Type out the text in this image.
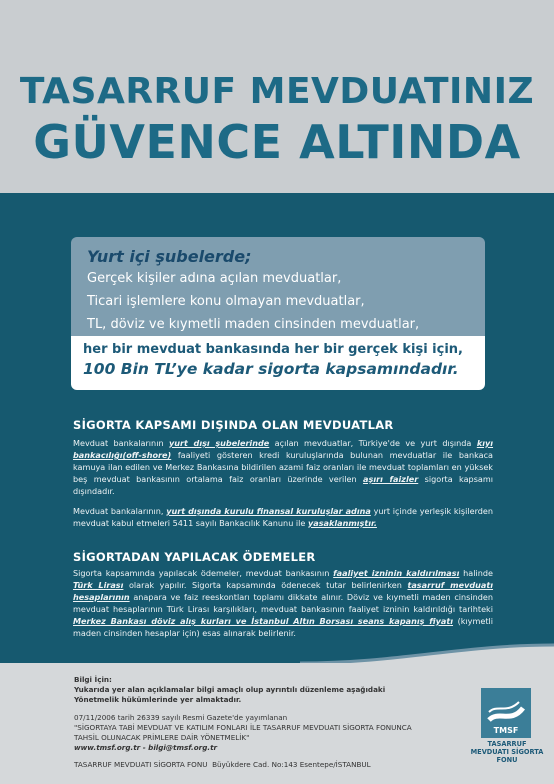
TASARRUF MEVDUATINIZ
GÜVENCE ALTINDA
Yurt içi şubelerde;
Gerçek kişiler adına açılan mevduatlar,
Ticari işlemlere konu olmayan mevduatlar,
TL, döviz ve kıymetli maden cinsinden mevduatlar,
her bir mevduat bankasında her bir gerçek kişi için,
100 Bin TL’ye kadar sigorta kapsamındadır.
SİGORTA KAPSAMI DIŞINDA OLAN MEVDUATLAR

Mevduat bankalarının yurt dışı şubelerinde açılan mevduatlar, Türkiye'de ve yurt dışında kıyı bankacılığı(off-shore) faaliyeti gösteren kredi kuruluşlarında bulunan mevduatlar ile bankaca kamuya ilan edilen ve Merkez Bankasına bildirilen azami faiz oranları ile mevduat toplamları en yüksek beş mevduat bankasının ortalama faiz oranları üzerinde verilen aşırı faizler sigorta kapsamı dışındadır.

Mevduat bankalarının, yurt dışında kurulu finansal kuruluşlar adına yurt içinde yerleşik kişilerden mevduat kabul etmeleri 5411 sayılı Bankacılık Kanunu ile yasaklanmıştır.

SİGORTADAN YAPILACAK ÖDEMELER

Sigorta kapsamında yapılacak ödemeler, mevduat bankasının faaliyet izninin kaldırılması halinde Türk Lirası olarak yapılır. Sigorta kapsamında ödenecek tutar belirlenirken tasarruf mevduatı hesaplarının anapara ve faiz reeskontları toplamı dikkate alınır. Döviz ve kıymetli maden cinsinden mevduat hesaplarının Türk Lirası karşılıkları, mevduat bankasının faaliyet izninin kaldırıldığı tarihteki Merkez Bankası döviz alış kurları ve İstanbul Altın Borsası seans kapanış fiyatı (kıymetli maden cinsinden hesaplar için) esas alınarak belirlenir.

Bilgi İçin:
Yukarıda yer alan açıklamalar bilgi amaçlı olup ayrıntılı düzenleme aşağıdaki
Yönetmelik hükümlerinde yer almaktadır.
07/11/2006 tarih 26339 sayılı Resmi Gazete'de yayımlanan
"SİGORTAYA TABİ MEVDUAT VE KATILIM FONLARI İLE TASARRUF MEVDUATI SİGORTA FONUNCA
TAHSİL OLUNACAK PRİMLERE DAİR YÖNETMELİK"
www.tmsf.org.tr - bilgi@tmsf.org.tr
TASARRUF MEVDUATI SİGORTA FONU Büyükdere Cad. No:143 Esentepe/İSTANBUL
TMSF
TASARRUF
MEVDUATI SİGORTA
FONU
